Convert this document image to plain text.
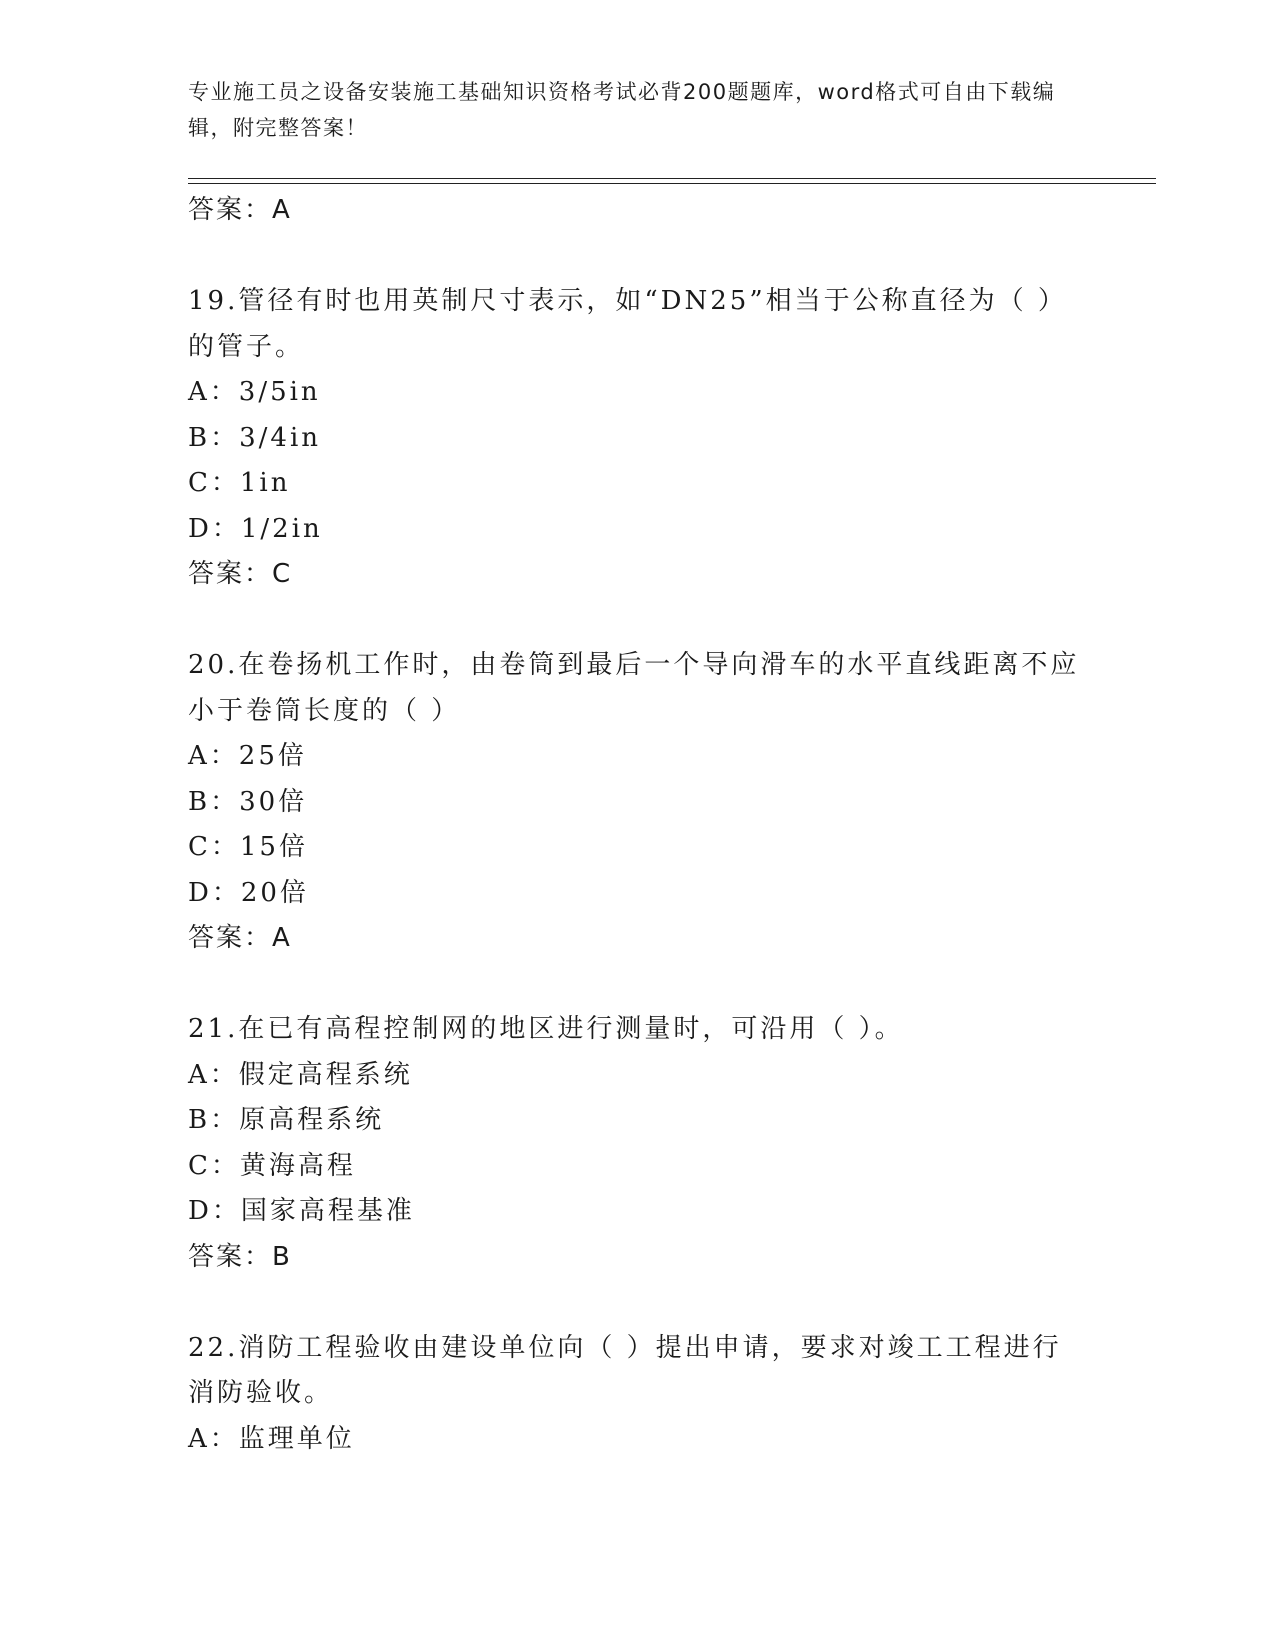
专业施工员之设备安装施工基础知识资格考试必背200题题库，word格式可自由下载编辑，附完整答案！
答案：A
19.管径有时也用英制尺寸表示，如“DN25”相当于公称直径为（ ）
的管子。
A：3/5in
B：3/4in
C：1in
D：1/2in
答案：C
20.在卷扬机工作时，由卷筒到最后一个导向滑车的水平直线距离不应
小于卷筒长度的（ ）
A：25倍
B：30倍
C：15倍
D：20倍
答案：A
21.在已有高程控制网的地区进行测量时，可沿用（ ）。
A：假定高程系统
B：原高程系统
C：黄海高程
D：国家高程基准
答案：B
22.消防工程验收由建设单位向（ ）提出申请，要求对竣工工程进行
消防验收。
A：监理单位
